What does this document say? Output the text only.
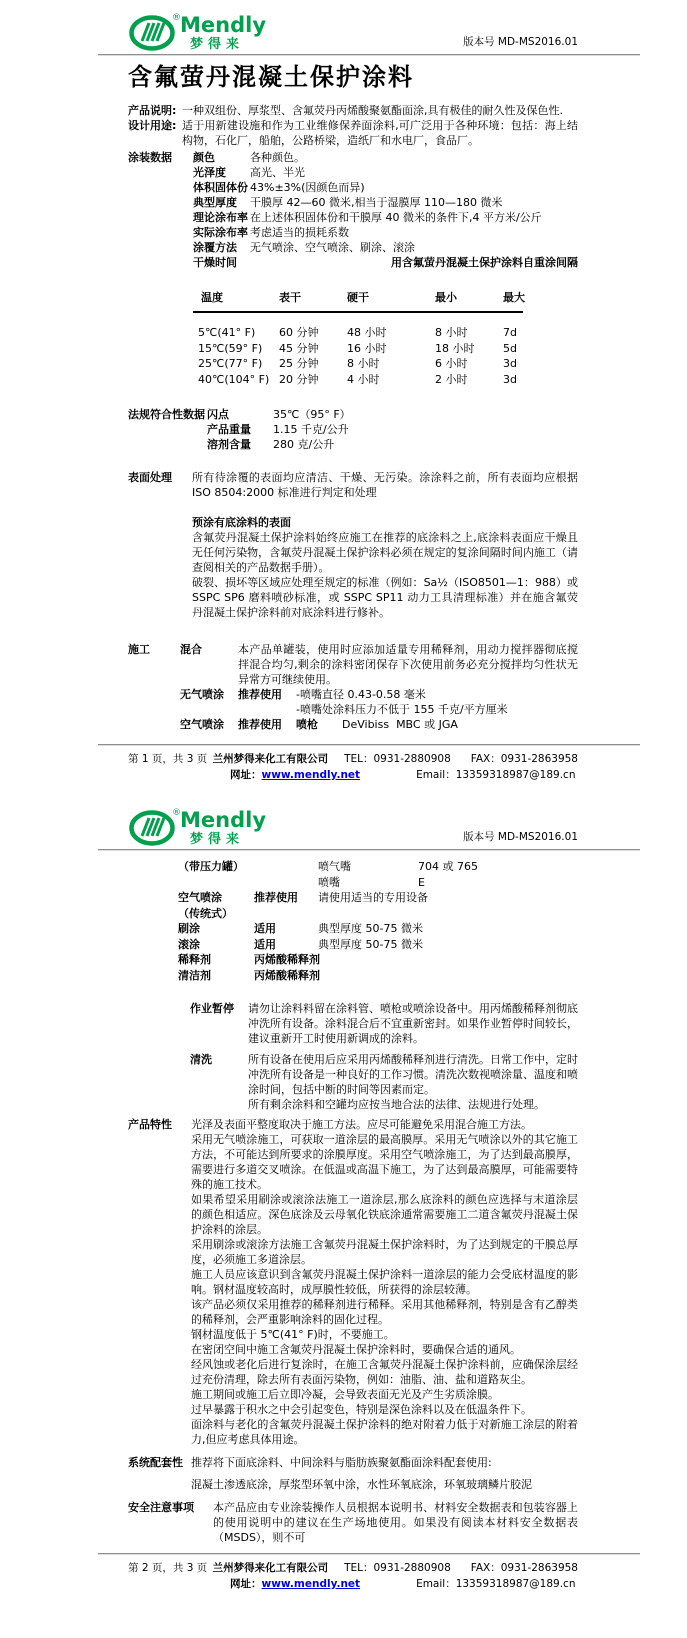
® Mendly
梦得来	版本号 MD-MS2016.01
含氟萤丹混凝土保护涂料
产品说明: 一种双组份、厚浆型、含氟荧丹丙烯酸聚氨酯面涂,具有极佳的耐久性及保色性.
设计用途: 适于用新建设施和作为工业维修保养面涂料,可广泛用于各种环境：包括：海上结构物，石化厂，船舶，公路桥梁，造纸厂和水电厂，食品厂。
涂装数据	颜色	各种颜色。
光泽度	高光、半光
体积固体份 43%±3%(因颜色而异)
典型厚度	干膜厚 42—60 微米,相当于湿膜厚 110—180 微米
理论涂布率 在上述体积固体份和干膜厚 40 微米的条件下,4 平方米/公斤
实际涂布率 考虑适当的损耗系数
涂覆方法	无气喷涂、空气喷涂、刷涂、滚涂
干燥时间	用含氟萤丹混凝土保护涂料自重涂间隔
温度	表干	硬干	最小	最大
5℃(41° F)	60 分钟	48 小时	8 小时	7d
15℃(59° F)	45 分钟	16 小时	18 小时	5d
25℃(77° F)	25 分钟	8 小时	6 小时	3d
40℃(104° F) 20 分钟	4 小时	2 小时	3d
法规符合性数据 闪点	35℃（95° F）
产品重量	1.15 千克/公升
溶剂含量	280 克/公升
表面处理	所有待涂覆的表面均应清洁、干燥、无污染。涂涂料之前，所有表面均应根据 ISO 8504:2000 标准进行判定和处理
预涂有底涂料的表面
含氟荧丹混凝土保护涂料始终应施工在推荐的底涂料之上,底涂料表面应干燥且无任何污染物，含氟荧丹混凝土保护涂料必须在规定的复涂间隔时间内施工（请查阅相关的产品数据手册）。
破裂、损坏等区域应处理至规定的标准（例如：Sa½（ISO8501—1：988）或 SSPC SP6 磨料喷砂标准，或 SSPC SP11 动力工具清理标准）并在施含氟荧丹混凝土保护涂料前对底涂料进行修补。
施工	混合	本产品单罐装，使用时应添加适量专用稀释剂，用动力搅拌器彻底搅拌混合均匀,剩余的涂料密闭保存下次使用前务必充分搅拌均匀性状无异常方可继续使用。
无气喷涂	推荐使用	-喷嘴直径 0.43-0.58 毫米
-喷嘴处涂料压力不低于 155 千克/平方厘米
空气喷涂	推荐使用	喷枪	DeVibiss  MBC 或 JGA
第 1 页，共 3 页 兰州梦得来化工有限公司 TEL：0931-2880908 FAX：0931-2863958
网址： www.mendly.net	Email：13359318987@189.cn
® Mendly
梦得来	版本号 MD-MS2016.01
（带压力罐）	喷气嘴	704 或 765
喷嘴	E
空气喷涂	推荐使用	请使用适当的专用设备
（传统式）
刷涂	适用	典型厚度 50-75 微米
滚涂	适用	典型厚度 50-75 微米
稀释剂	丙烯酸稀释剂
清洁剂	丙烯酸稀释剂
作业暂停	请勿让涂料料留在涂料管、喷枪或喷涂设备中。用丙烯酸稀释剂彻底冲洗所有设备。涂料混合后不宜重新密封。如果作业暂停时间较长，建议重新开工时使用新调成的涂料。
清洗	所有设备在使用后应采用丙烯酸稀释剂进行清洗。日常工作中，定时冲洗所有设备是一种良好的工作习惯。清洗次数视喷涂量、温度和喷涂时间，包括中断的时间等因素而定。
所有剩余涂料和空罐均应按当地合法的法律、法规进行处理。
产品特性	光泽及表面平整度取决于施工方法。应尽可能避免采用混合施工方法。
采用无气喷涂施工，可获取一道涂层的最高膜厚。采用无气喷涂以外的其它施工方法，不可能达到所要求的涂膜厚度。采用空气喷涂施工，为了达到最高膜厚，需要进行多道交叉喷涂。在低温或高温下施工，为了达到最高膜厚，可能需要特殊的施工技术。
如果希望采用刷涂或滚涂法施工一道涂层,那么底涂料的颜色应选择与末道涂层的颜色相适应。深色底涂及云母氧化铁底涂通常需要施工二道含氟荧丹混凝土保护涂料的涂层。
采用刷涂或滚涂方法施工含氟荧丹混凝土保护涂料时，为了达到规定的干膜总厚度，必须施工多道涂层。
施工人员应该意识到含氟荧丹混凝土保护涂料一道涂层的能力会受底材温度的影响。钢材温度较高时，成厚膜性较低，所获得的涂层较薄。
该产品必须仅采用推荐的稀释剂进行稀释。采用其他稀释剂，特别是含有乙醇类的稀释剂，会严重影响涂料的固化过程。
钢材温度低于 5℃(41° F)时，不要施工。
在密闭空间中施工含氟荧丹混凝土保护涂料时，要确保合适的通风。
经风蚀或老化后进行复涂时，在施工含氟荧丹混凝土保护涂料前，应确保涂层经过充份清理，除去所有表面污染物，例如：油脂、油、盐和道路灰尘。
施工期间或施工后立即冷凝，会导致表面无光及产生劣质涂膜。
过早暴露于积水之中会引起变色，特别是深色涂料以及在低温条件下。
面涂料与老化的含氟荧丹混凝土保护涂料的绝对附着力低于对新施工涂层的附着力,但应考虑具体用途。
系统配套性 推荐将下面底涂料、中间涂料与脂肪族聚氨酯面涂料配套使用:
混凝土渗透底涂，厚浆型环氧中涂，水性环氧底涂，环氧玻璃鳞片胶泥
安全注意事项	本产品应由专业涂装操作人员根据本说明书、材料安全数据表和包装容器上的使用说明中的建议在生产场地使用。如果没有阅读本材料安全数据表（MSDS），则不可
第 2 页，共 3 页 兰州梦得来化工有限公司 TEL：0931-2880908 FAX：0931-2863958
网址： www.mendly.net	Email：13359318987@189.cn
